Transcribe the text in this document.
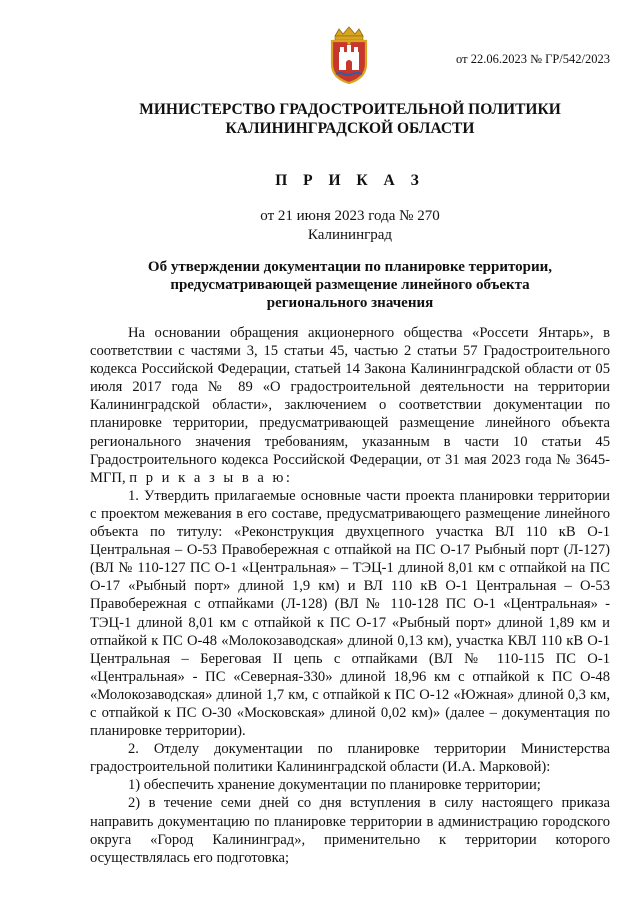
от 22.06.2023 № ГР/542/2023
МИНИСТЕРСТВО ГРАДОСТРОИТЕЛЬНОЙ ПОЛИТИКИ
КАЛИНИНГРАДСКОЙ ОБЛАСТИ
П Р И К А З
от 21 июня 2023 года № 270
Калининград
Об утверждении документации по планировке территории,
предусматривающей размещение линейного объекта
регионального значения

На основании обращения акционерного общества «Россети Янтарь», в соответствии с частями 3, 15 статьи 45, частью 2 статьи 57 Градостроительного кодекса Российской Федерации, статьей 14 Закона Калининградской области от 05 июля 2017 года № 89 «О градостроительной деятельности на территории Калининградской области», заключением о соответствии документации по планировке территории, предусматривающей размещение линейного объекта регионального значения требованиям, указанным в части 10 статьи 45 Градостроительного кодекса Российской Федерации, от 31 мая 2023 года № 3645-МГП, п р и к а з ы в а ю:

1. Утвердить прилагаемые основные части проекта планировки территории с проектом межевания в его составе, предусматривающего размещение линейного объекта по титулу: «Реконструкция двухцепного участка ВЛ 110 кВ О-1 Центральная – О-53 Правобережная с отпайкой на ПС О-17 Рыбный порт (Л-127) (ВЛ № 110-127 ПС О-1 «Центральная» – ТЭЦ-1 длиной 8,01 км с отпайкой на ПС О-17 «Рыбный порт» длиной 1,9 км) и ВЛ 110 кВ О-1 Центральная – О-53 Правобережная с отпайками (Л-128) (ВЛ № 110-128 ПС О-1 «Центральная» - ТЭЦ-1 длиной 8,01 км с отпайкой к ПС О-17 «Рыбный порт» длиной 1,89 км и отпайкой к ПС О-48 «Молокозаводская» длиной 0,13 км), участка КВЛ 110 кВ О-1 Центральная – Береговая II цепь с отпайками (ВЛ № 110-115 ПС О-1 «Центральная» - ПС «Северная-330» длиной 18,96 км с отпайкой к ПС О-48 «Молокозаводская» длиной 1,7 км, с отпайкой к ПС О-12 «Южная» длиной 0,3 км, с отпайкой к ПС О-30 «Московская» длиной 0,02 км)» (далее – документация по планировке территории).

2. Отделу документации по планировке территории Министерства градостроительной политики Калининградской области (И.А. Марковой):

1) обеспечить хранение документации по планировке территории;

2) в течение семи дней со дня вступления в силу настоящего приказа направить документацию по планировке территории в администрацию городского округа «Город Калининград», применительно к территории которого осуществлялась его подготовка;
